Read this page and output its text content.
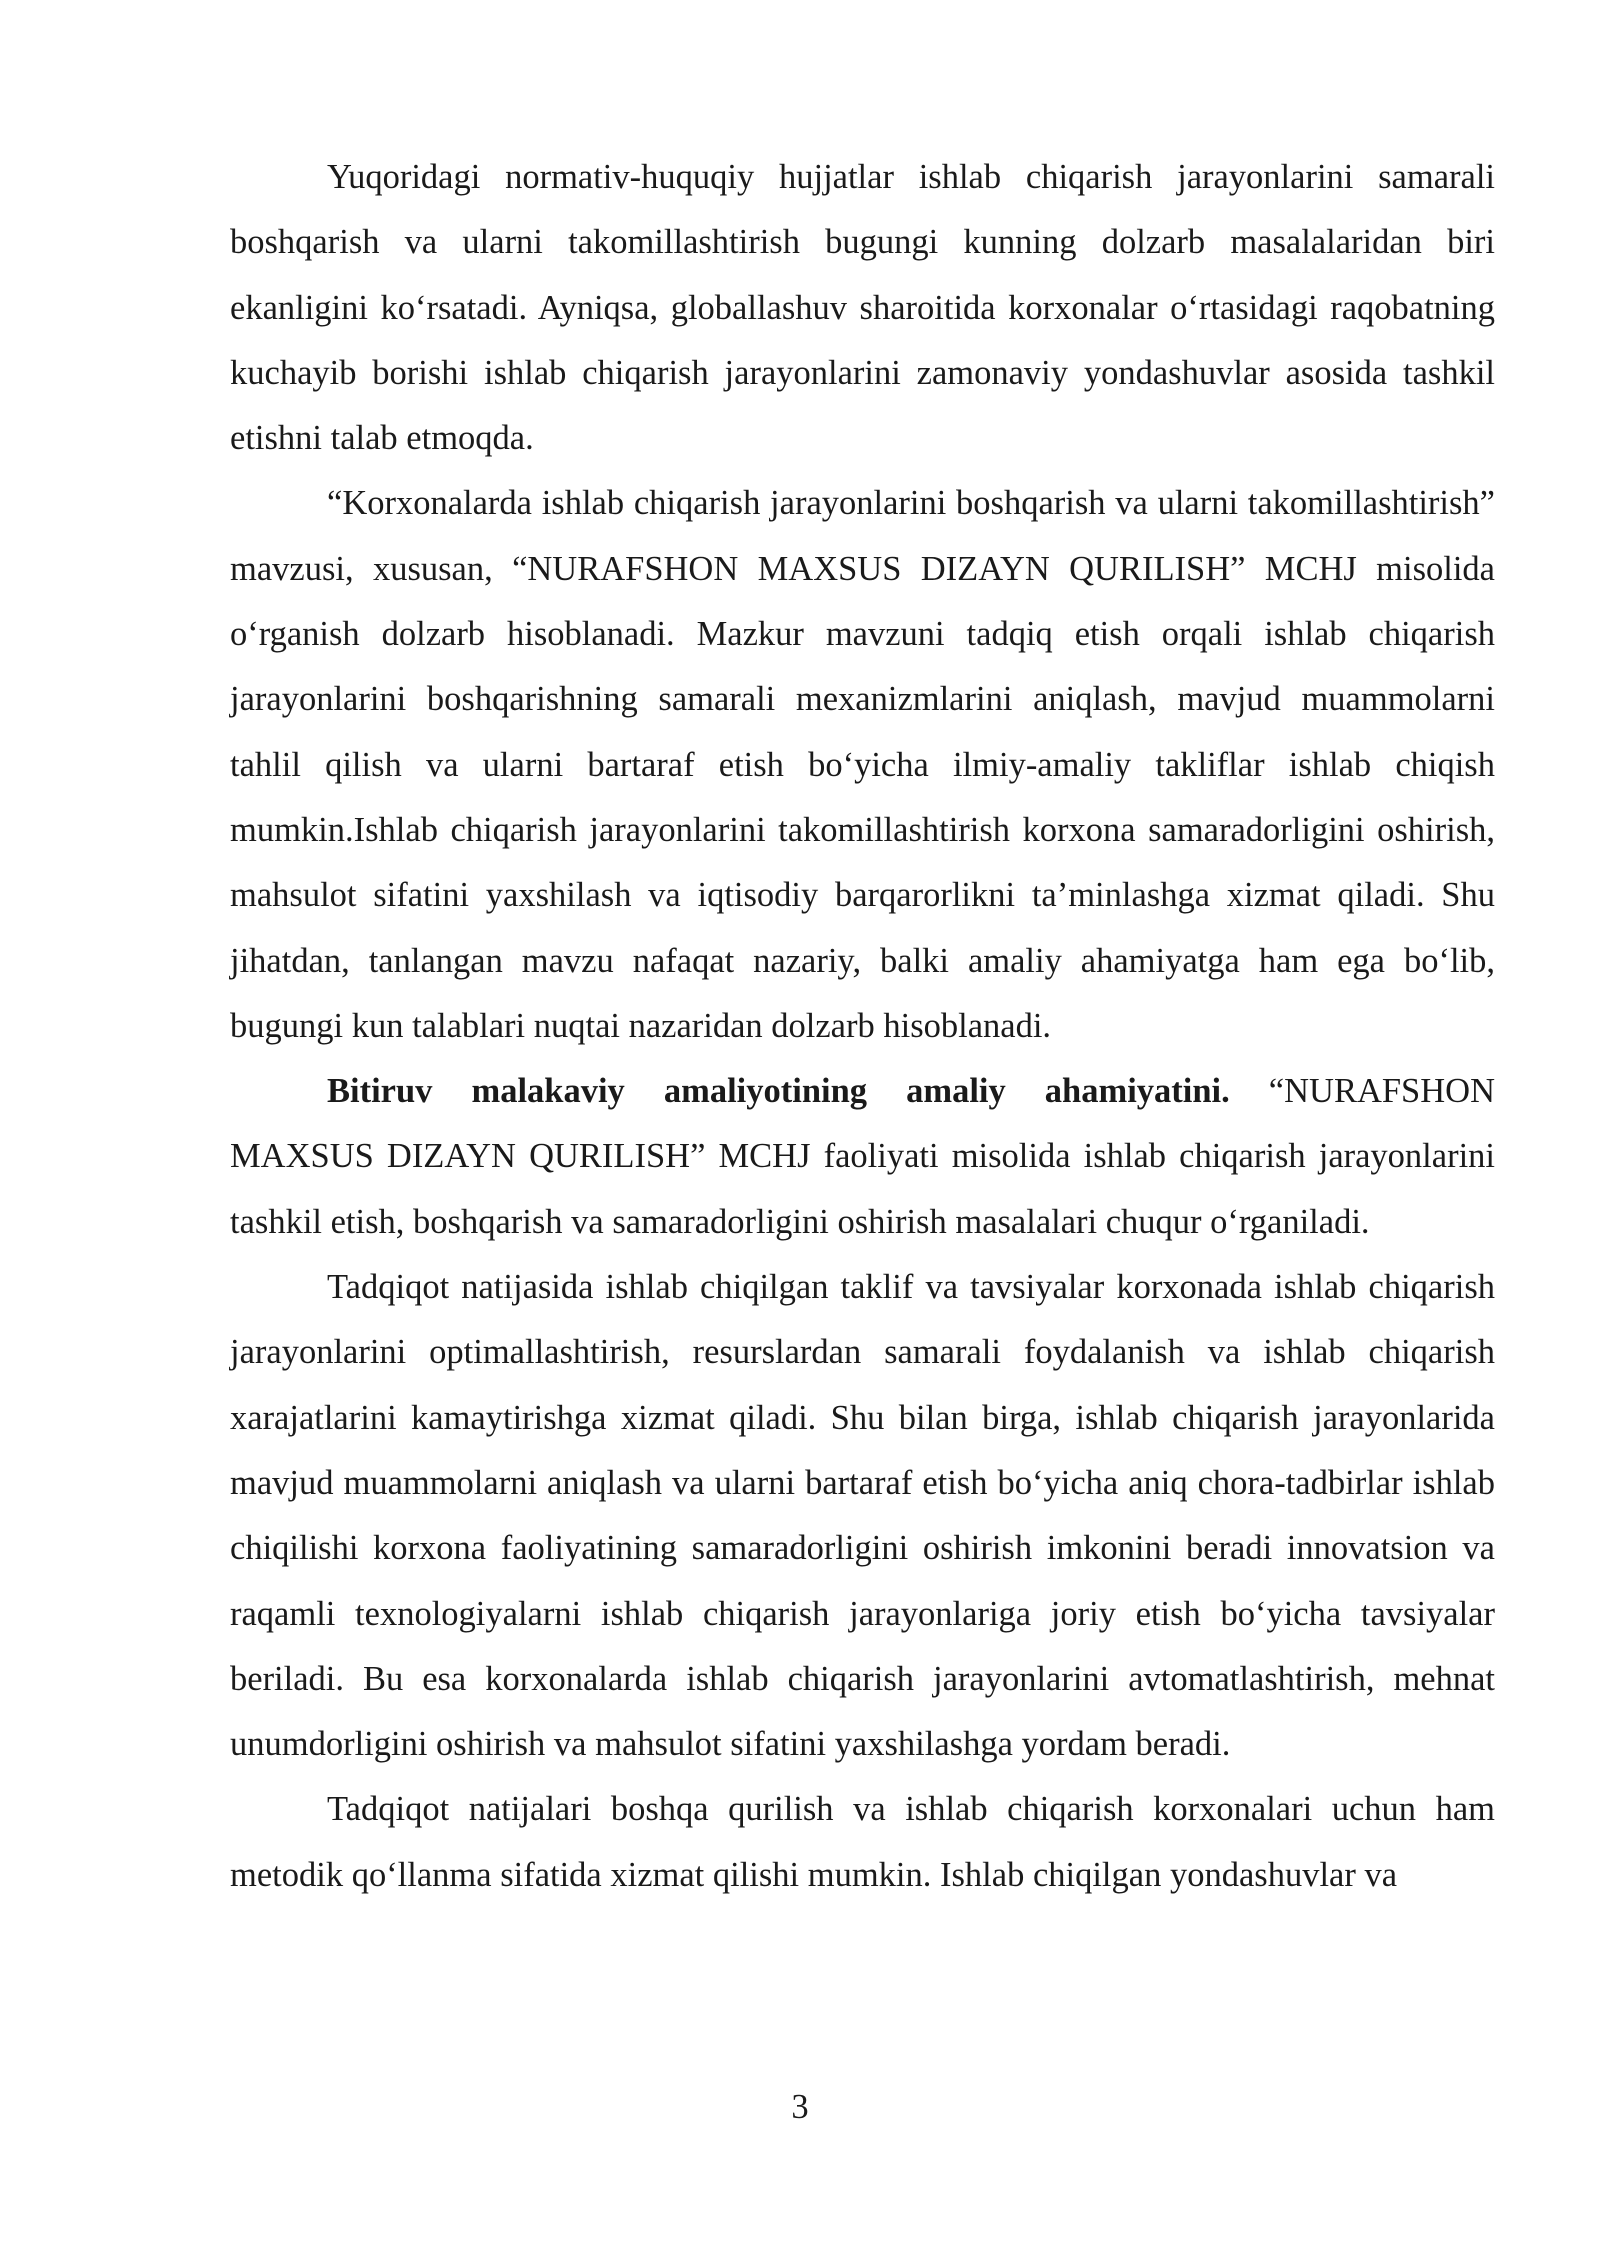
Yuqoridagi normativ-huquqiy hujjatlar ishlab chiqarish jarayonlarini samarali boshqarish va ularni takomillashtirish bugungi kunning dolzarb masalalaridan biri ekanligini ko‘rsatadi. Ayniqsa, globallashuv sharoitida korxonalar o‘rtasidagi raqobatning kuchayib borishi ishlab chiqarish jarayonlarini zamonaviy yondashuvlar asosida tashkil etishni talab etmoqda.

“Korxonalarda ishlab chiqarish jarayonlarini boshqarish va ularni takomillashtirish” mavzusi, xususan, “NURAFSHON MAXSUS DIZAYN QURILISH” MCHJ misolida o‘rganish dolzarb hisoblanadi. Mazkur mavzuni tadqiq etish orqali ishlab chiqarish jarayonlarini boshqarishning samarali mexanizmlarini aniqlash, mavjud muammolarni tahlil qilish va ularni bartaraf etish bo‘yicha ilmiy-amaliy takliflar ishlab chiqish mumkin.Ishlab chiqarish jarayonlarini takomillashtirish korxona samaradorligini oshirish, mahsulot sifatini yaxshilash va iqtisodiy barqarorlikni ta’minlashga xizmat qiladi. Shu jihatdan, tanlangan mavzu nafaqat nazariy, balki amaliy ahamiyatga ham ega bo‘lib, bugungi kun talablari nuqtai nazaridan dolzarb hisoblanadi.

Bitiruv malakaviy amaliyotining amaliy ahamiyatini. “NURAFSHON MAXSUS DIZAYN QURILISH” MCHJ faoliyati misolida ishlab chiqarish jarayonlarini tashkil etish, boshqarish va samaradorligini oshirish masalalari chuqur o‘rganiladi.

Tadqiqot natijasida ishlab chiqilgan taklif va tavsiyalar korxonada ishlab chiqarish jarayonlarini optimallashtirish, resurslardan samarali foydalanish va ishlab chiqarish xarajatlarini kamaytirishga xizmat qiladi. Shu bilan birga, ishlab chiqarish jarayonlarida mavjud muammolarni aniqlash va ularni bartaraf etish bo‘yicha aniq chora-tadbirlar ishlab chiqilishi korxona faoliyatining samaradorligini oshirish imkonini beradi innovatsion va raqamli texnologiyalarni ishlab chiqarish jarayonlariga joriy etish bo‘yicha tavsiyalar beriladi. Bu esa korxonalarda ishlab chiqarish jarayonlarini avtomatlashtirish, mehnat unumdorligini oshirish va mahsulot sifatini yaxshilashga yordam beradi.

Tadqiqot natijalari boshqa qurilish va ishlab chiqarish korxonalari uchun ham metodik qo‘llanma sifatida xizmat qilishi mumkin. Ishlab chiqilgan yondashuvlar va

3
